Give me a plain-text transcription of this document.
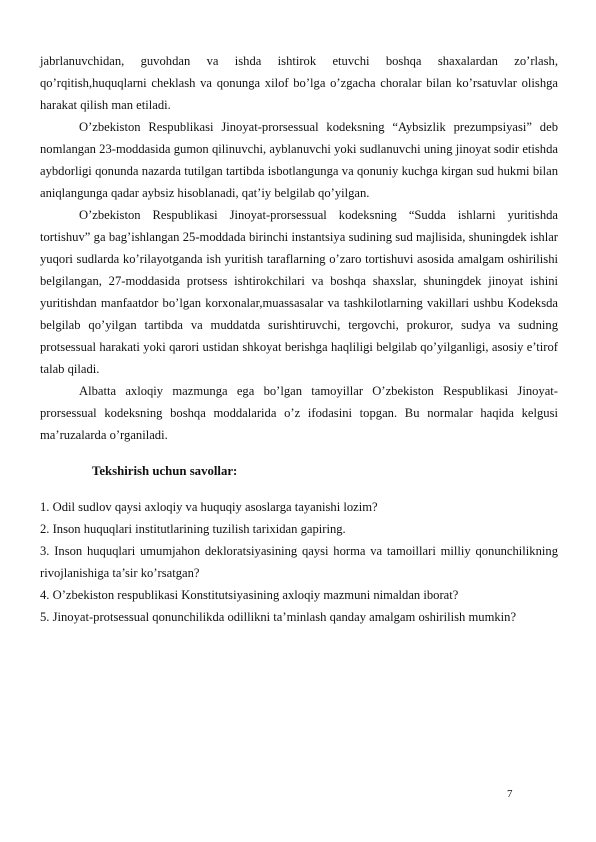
jabrlanuvchidan, guvohdan va ishda ishtirok etuvchi boshqa shaxalardan zo’rlash, qo’rqitish,huquqlarni cheklash va qonunga xilof bo’lga o’zgacha choralar bilan ko’rsatuvlar olishga harakat qilish man etiladi.

O’zbekiston Respublikasi Jinoyat-prorsessual kodeksning “Aybsizlik prezumpsiyasi” deb nomlangan 23-moddasida gumon qilinuvchi, ayblanuvchi yoki sudlanuvchi uning jinoyat sodir etishda aybdorligi qonunda nazarda tutilgan tartibda isbotlangunga va qonuniy kuchga kirgan sud hukmi bilan aniqlangunga qadar aybsiz hisoblanadi, qat’iy belgilab qo’yilgan.

O’zbekiston Respublikasi Jinoyat-prorsessual kodeksning “Sudda ishlarni yuritishda tortishuv” ga bag’ishlangan 25-moddada birinchi instantsiya sudining sud majlisida, shuningdek ishlar yuqori sudlarda ko’rilayotganda ish yuritish taraflarning o’zaro tortishuvi asosida amalgam oshirilishi belgilangan, 27-moddasida protsess ishtirokchilari va boshqa shaxslar, shuningdek jinoyat ishini yuritishdan manfaatdor bo’lgan korxonalar,muassasalar va tashkilotlarning vakillari ushbu Kodeksda belgilab qo’yilgan tartibda va muddatda surishtiruvchi, tergovchi, prokuror, sudya va sudning protsessual harakati yoki qarori ustidan shkoyat berishga haqliligi belgilab qo’yilganligi, asosiy e’tirof talab qiladi.

Albatta axloqiy mazmunga ega bo’lgan tamoyillar O’zbekiston Respublikasi Jinoyat-prorsessual kodeksning boshqa moddalarida o’z ifodasini topgan. Bu normalar haqida kelgusi ma’ruzalarda o’rganiladi.

Tekshirish uchun savollar:

1. Odil sudlov qaysi axloqiy va huquqiy asoslarga tayanishi lozim?

2. Inson huquqlari institutlarining tuzilish tarixidan gapiring.

3. Inson huquqlari umumjahon dekloratsiyasining qaysi horma va tamoillari milliy qonunchilikning rivojlanishiga ta’sir ko’rsatgan?

4. O’zbekiston respublikasi Konstitutsiyasining axloqiy mazmuni nimaldan iborat?

5. Jinoyat-protsessual qonunchilikda odillikni ta’minlash qanday amalgam oshirilish mumkin?

7
